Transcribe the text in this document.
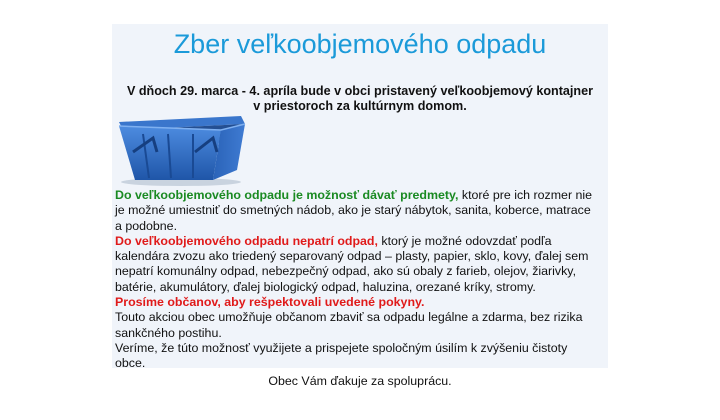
Zber veľkoobjemového odpadu
V dňoch 29. marca - 4. apríla bude v obci pristavený veľkoobjemový kontajner
v priestoroch za kultúrnym domom.
Do veľkoobjemového odpadu je možnosť dávať predmety, ktoré pre ich rozmer nie
je možné umiestniť do smetných nádob, ako je starý nábytok, sanita, koberce, matrace
a podobne.
Do veľkoobjemového odpadu nepatrí odpad, ktorý je možné odovzdať podľa
kalendára zvozu ako triedený separovaný odpad – plasty, papier, sklo, kovy, ďalej sem
nepatrí komunálny odpad, nebezpečný odpad, ako sú obaly z farieb, olejov, žiarivky,
batérie, akumulátory, ďalej biologický odpad, haluzina, orezané kríky, stromy.
Prosíme občanov, aby rešpektovali uvedené pokyny.
Touto akciou obec umožňuje občanom zbaviť sa odpadu legálne a zdarma, bez rizika
sankčného postihu.
Veríme, že túto možnosť využijete a prispejete spoločným úsilím k zvýšeniu čistoty
obce.
Obec Vám ďakuje za spoluprácu.
